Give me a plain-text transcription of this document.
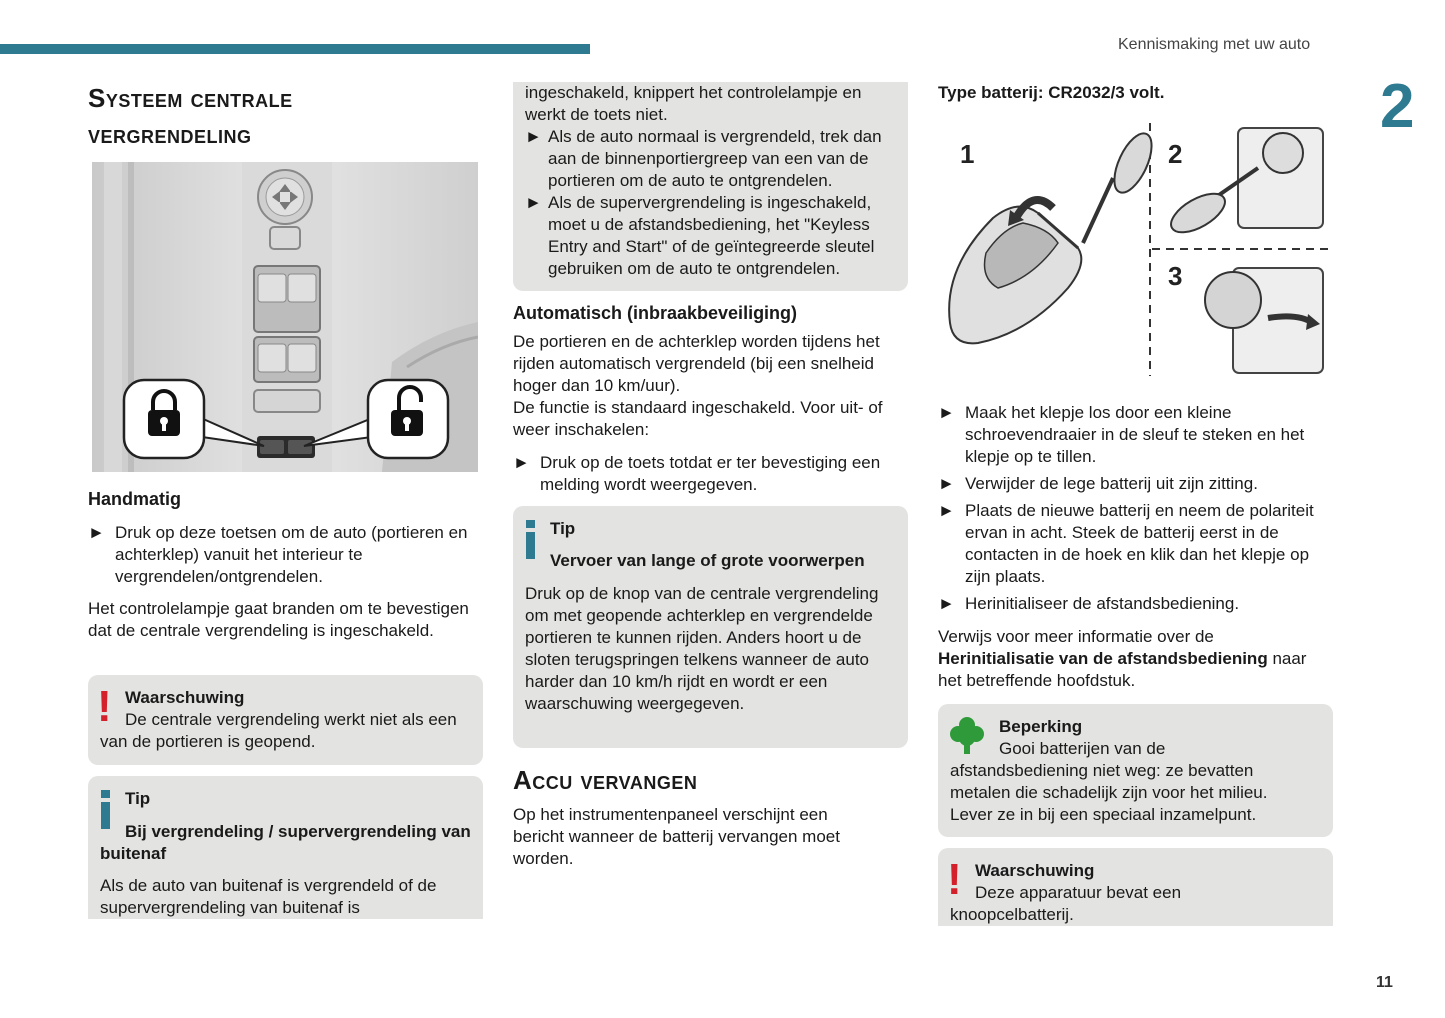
Kennismaking met uw auto
2
11
Systeem centrale
vergrendeling
Handmatig
► Druk op deze toetsen om de auto (portieren en achterklep) vanuit het interieur te vergrendelen/ontgrendelen.

Het controlelampje gaat branden om te bevestigen dat de centrale vergrendeling is ingeschakeld.

! Waarschuwing
De centrale vergrendeling werkt niet als een van de portieren is geopend.
Tip
Bij vergrendeling / supervergrendeling van buitenaf
Als de auto van buitenaf is vergrendeld of de supervergrendeling van buitenaf is

ingeschakeld, knippert het controlelampje en werkt de toets niet.

► Als de auto normaal is vergrendeld, trek dan aan de binnenportiergreep van een van de portieren om de auto te ontgrendelen.
► Als de supervergrendeling is ingeschakeld, moet u de afstandsbediening, het "Keyless Entry and Start" of de geïntegreerde sleutel gebruiken om de auto te ontgrendelen.
Automatisch (inbraakbeveiliging)

De portieren en de achterklep worden tijdens het rijden automatisch vergrendeld (bij een snelheid hoger dan 10 km/uur).

De functie is standaard ingeschakeld. Voor uit- of weer inschakelen:

► Druk op de toets totdat er ter bevestiging een melding wordt weergegeven.
Tip
Vervoer van lange of grote voorwerpen
Druk op de knop van de centrale vergrendeling om met geopende achterklep en vergrendelde portieren te kunnen rijden. Anders hoort u de sloten terugspringen telkens wanneer de auto harder dan 10 km/h rijdt en wordt er een waarschuwing weergegeven.
Accu vervangen

Op het instrumentenpaneel verschijnt een bericht wanneer de batterij vervangen moet worden.

Type batterij: CR2032/3 volt.
1	2
3
► Maak het klepje los door een kleine schroevendraaier in de sleuf te steken en het klepje op te tillen.
► Verwijder de lege batterij uit zijn zitting.
► Plaats de nieuwe batterij en neem de polariteit ervan in acht. Steek de batterij eerst in de contacten in de hoek en klik dan het klepje op zijn plaats.
► Herinitialiseer de afstandsbediening.

Verwijs voor meer informatie over de Herinitialisatie van de afstandsbediening naar het betreffende hoofdstuk.

Beperking
Gooi batterijen van de afstandsbediening niet weg: ze bevatten metalen die schadelijk zijn voor het milieu. Lever ze in bij een speciaal inzamelpunt.
! Waarschuwing
Deze apparatuur bevat een knoopcelbatterij.
